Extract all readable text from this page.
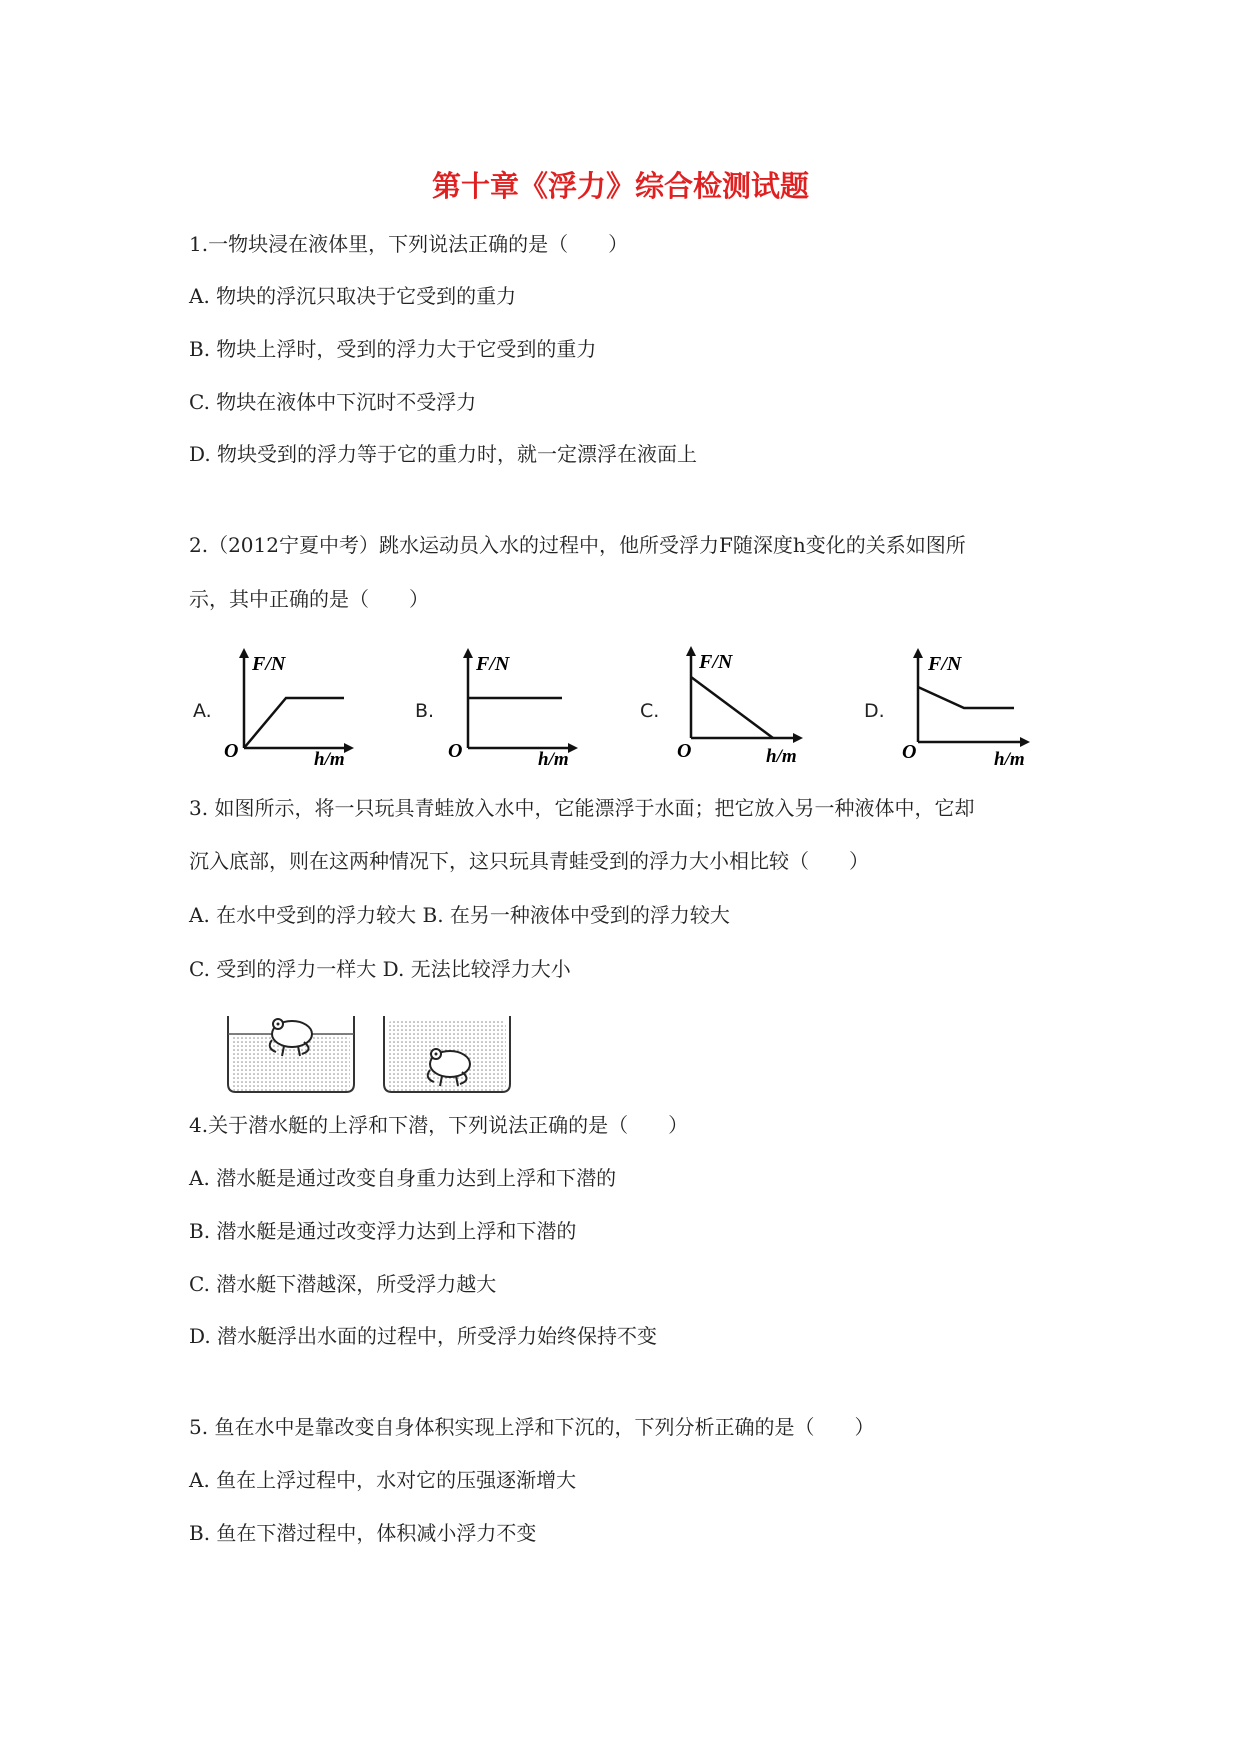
第十章《浮力》综合检测试题
1.一物块浸在液体里，下列说法正确的是（　　）
A. 物块的浮沉只取决于它受到的重力
B. 物块上浮时，受到的浮力大于它受到的重力
C. 物块在液体中下沉时不受浮力
D. 物块受到的浮力等于它的重力时，就一定漂浮在液面上
2.（2012宁夏中考）跳水运动员入水的过程中，他所受浮力F随深度h变化的关系如图所
示，其中正确的是（　　）
A.
F/N
O	h/m
B.
F/N
O	h/m
C.
F/N
O	h/m
D.
F/N
O	h/m
3. 如图所示，将一只玩具青蛙放入水中，它能漂浮于水面；把它放入另一种液体中，它却
沉入底部，则在这两种情况下，这只玩具青蛙受到的浮力大小相比较（　　）
A. 在水中受到的浮力较大 B. 在另一种液体中受到的浮力较大
C. 受到的浮力一样大 D. 无法比较浮力大小
4.关于潜水艇的上浮和下潜，下列说法正确的是（　　）
A. 潜水艇是通过改变自身重力达到上浮和下潜的
B. 潜水艇是通过改变浮力达到上浮和下潜的
C. 潜水艇下潜越深，所受浮力越大
D. 潜水艇浮出水面的过程中，所受浮力始终保持不变
5. 鱼在水中是靠改变自身体积实现上浮和下沉的，下列分析正确的是（　　）
A. 鱼在上浮过程中，水对它的压强逐渐增大
B. 鱼在下潜过程中，体积减小浮力不变
